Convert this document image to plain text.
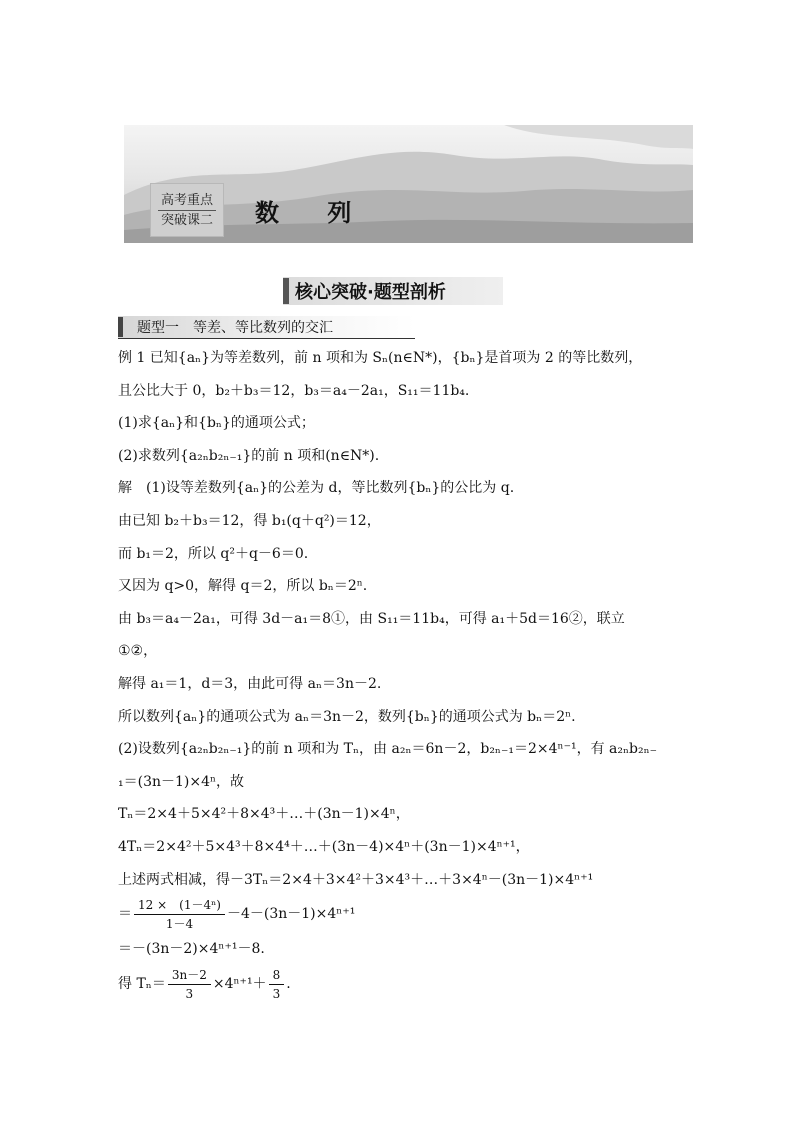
高考重点
突破课二 数 列
核心突破·题型剖析
题型一　等差、等比数列的交汇
例 1 已知{aₙ}为等差数列，前 n 项和为 Sₙ(n∈N*)，{bₙ}是首项为 2 的等比数列，
且公比大于 0，b₂＋b₃＝12，b₃＝a₄－2a₁，S₁₁＝11b₄.
(1)求{aₙ}和{bₙ}的通项公式；
(2)求数列{a₂ₙb₂ₙ₋₁}的前 n 项和(n∈N*).
解　(1)设等差数列{aₙ}的公差为 d，等比数列{bₙ}的公比为 q.
由已知 b₂＋b₃＝12，得 b₁(q＋q²)＝12，
而 b₁＝2，所以 q²＋q－6＝0.
又因为 q>0，解得 q＝2，所以 bₙ＝2ⁿ.
由 b₃＝a₄－2a₁，可得 3d－a₁＝8①，由 S₁₁＝11b₄，可得 a₁＋5d＝16②，联立
①②，
解得 a₁＝1，d＝3，由此可得 aₙ＝3n－2.
所以数列{aₙ}的通项公式为 aₙ＝3n－2，数列{bₙ}的通项公式为 bₙ＝2ⁿ.
(2)设数列{a₂ₙb₂ₙ₋₁}的前 n 项和为 Tₙ，由 a₂ₙ＝6n－2，b₂ₙ₋₁＝2×4ⁿ⁻¹，有 a₂ₙb₂ₙ₋
₁＝(3n－1)×4ⁿ，故
Tₙ＝2×4＋5×4²＋8×4³＋…＋(3n－1)×4ⁿ，
4Tₙ＝2×4²＋5×4³＋8×4⁴＋…＋(3n－4)×4ⁿ＋(3n－1)×4ⁿ⁺¹，
上述两式相减，得－3Tₙ＝2×4＋3×4²＋3×4³＋…＋3×4ⁿ－(3n－1)×4ⁿ⁺¹
＝ $\frac{\text{12 ×　(1－4ⁿ)}}{1-4} -4-(3n-1)\times 4^{n+1}$
＝－(3n－2)×4ⁿ⁺¹－8.
得 $T_n= \frac{3n-2}{3} \times 4^{n+1}+ \frac{8}{3}$ .
